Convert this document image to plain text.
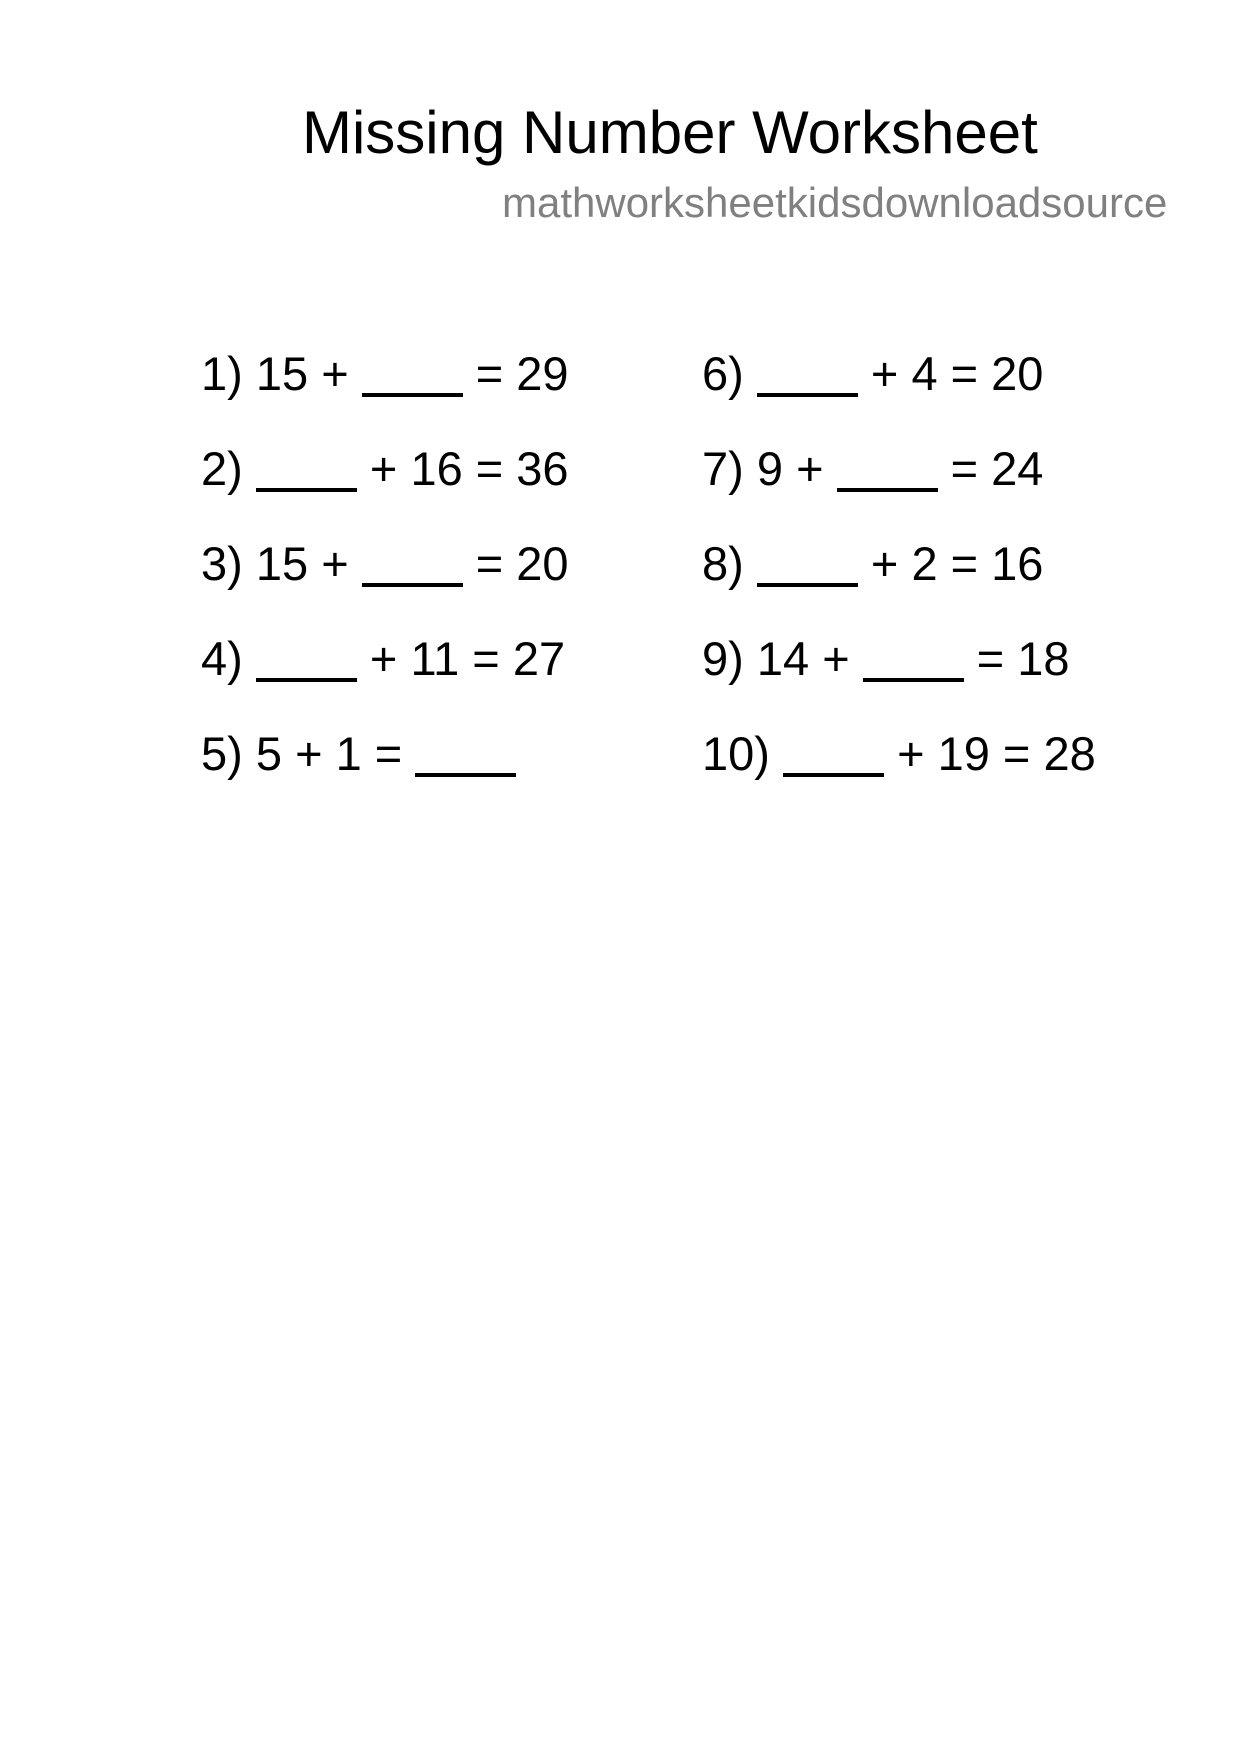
Missing Number Worksheet
mathworksheetkidsdownloadsource
1) 15 +	= 29
2)	+ 16 = 36
3) 15 +	= 20
4)	+ 11 = 27
5) 5 + 1 =
6)	+ 4 = 20
7) 9 +	= 24
8)	+ 2 = 16
9) 14 +	= 18
10)	+ 19 = 28
